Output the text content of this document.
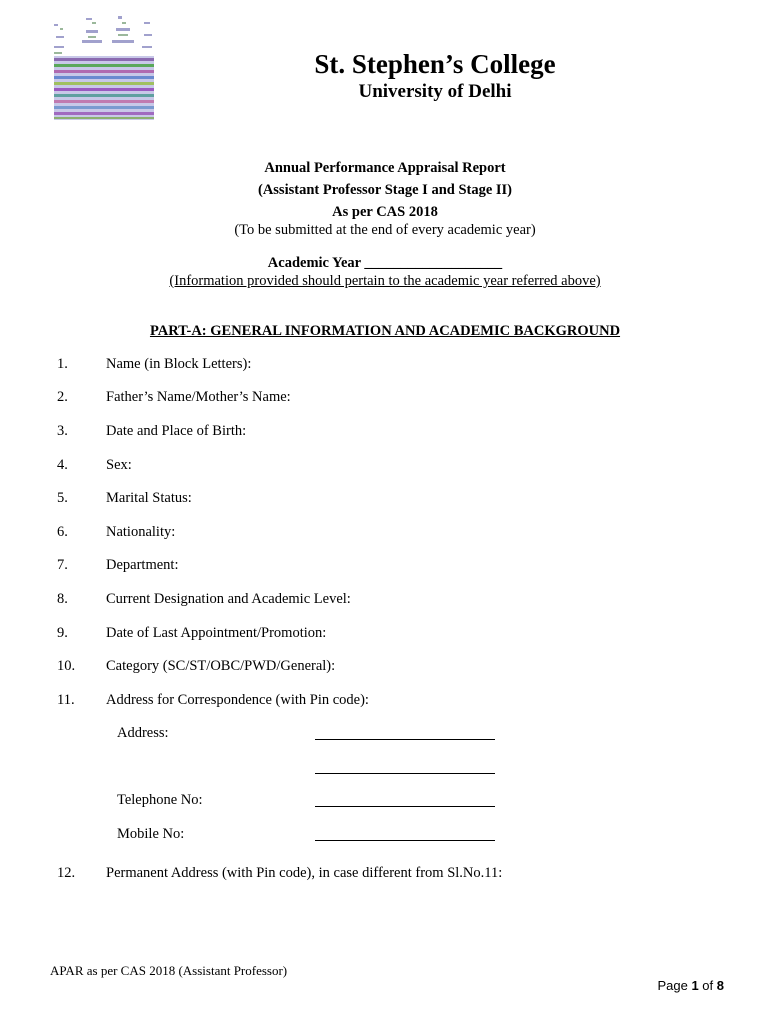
St. Stephen’s College
University of Delhi
Annual Performance Appraisal Report
(Assistant Professor Stage I and Stage II)
As per CAS 2018
(To be submitted at the end of every academic year)
Academic Year ___________________
(Information provided should pertain to the academic year referred above)
PART-A: GENERAL INFORMATION AND ACADEMIC BACKGROUND
1.	Name (in Block Letters):
2.	Father’s Name/Mother’s Name:
3.	Date and Place of Birth:
4.	Sex:
5.	Marital Status:
6.	Nationality:
7.	Department:
8.	Current Designation and Academic Level:
9.	Date of Last Appointment/Promotion:
10. Category (SC/ST/OBC/PWD/General):
11. Address for Correspondence (with Pin code):
Address:
Telephone No:
Mobile No:
12. Permanent Address (with Pin code), in case different from Sl.No.11:
APAR as per CAS 2018 (Assistant Professor)
Page 1 of 8
